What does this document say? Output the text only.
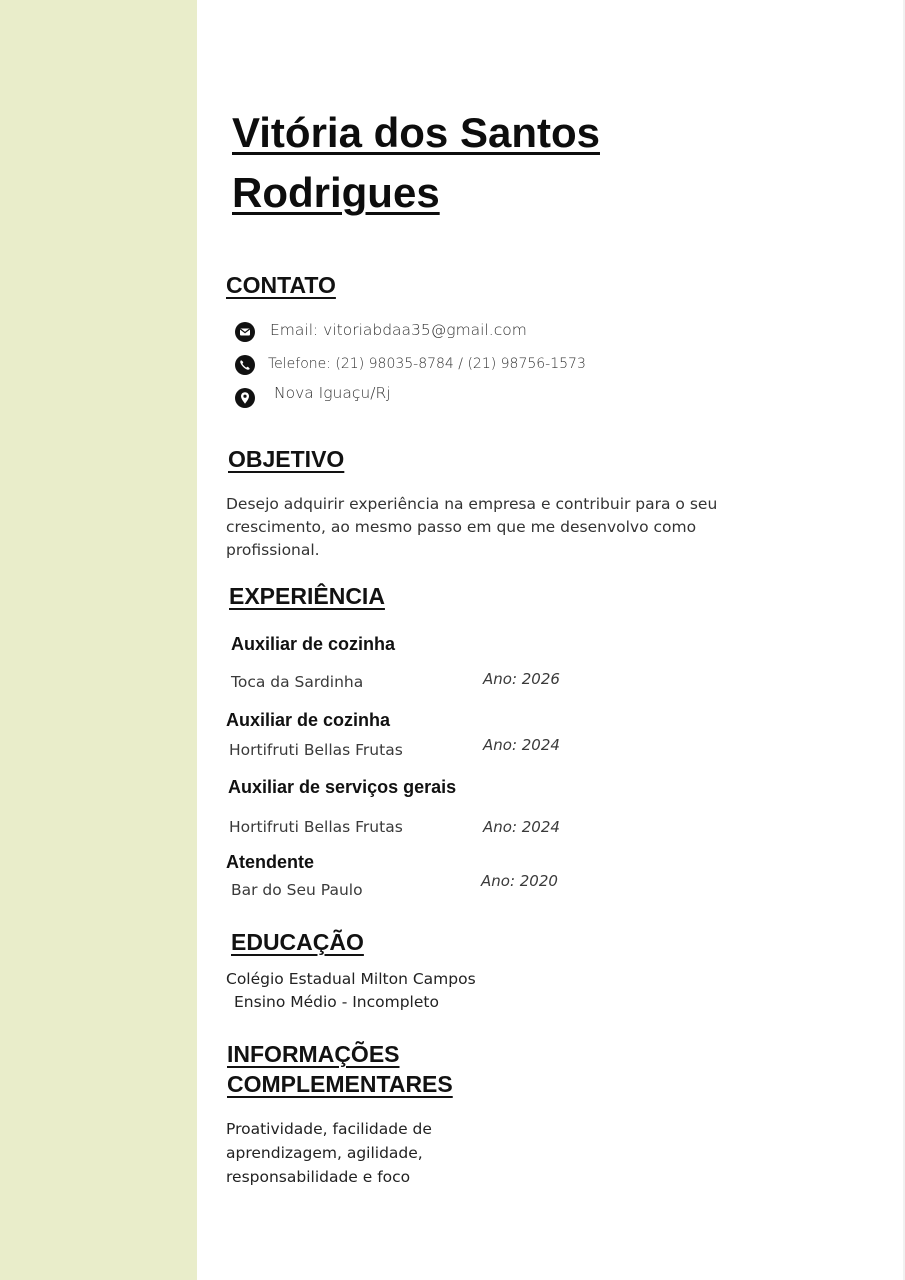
Vitória dos Santos
Rodrigues
CONTATO
Email: vitoriabdaa35@gmail.com
Telefone: (21) 98035-8784 / (21) 98756-1573
Nova Iguaçu/Rj
OBJETIVO
Desejo adquirir experiência na empresa e contribuir para o seu crescimento, ao mesmo passo em que me desenvolvo como profissional.
EXPERIÊNCIA
Auxiliar de cozinha
Toca da Sardinha	Ano: 2026
Auxiliar de cozinha
Hortifruti Bellas Frutas	Ano: 2024
Auxiliar de serviços gerais
Hortifruti Bellas Frutas	Ano: 2024
Atendente
Bar do Seu Paulo	Ano: 2020
EDUCAÇÃO
Colégio Estadual Milton Campos
Ensino Médio - Incompleto
INFORMAÇÕES COMPLEMENTARES
Proatividade, facilidade de aprendizagem, agilidade, responsabilidade e foco
